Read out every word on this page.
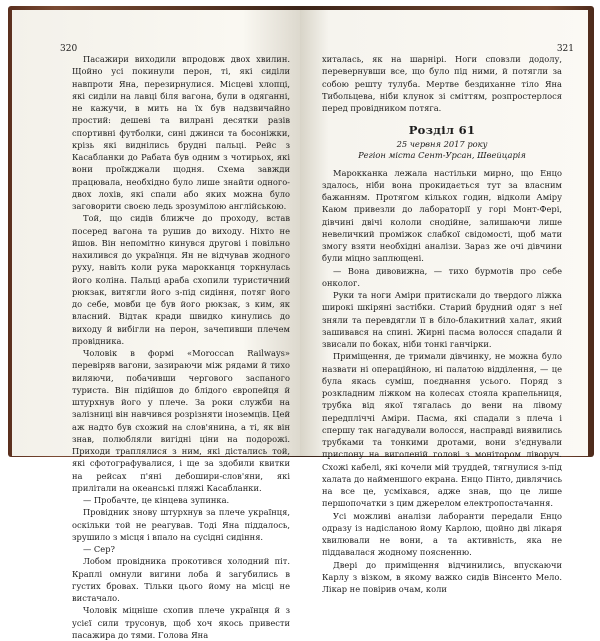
320

Пасажири виходили впродовж двох хвилин. Щойно усі покинули перон, ті, які сиділи навпроти Яна, перезирнулися. Місцеві хлопці, які сиділи на лавці біля вагона, були в одяганні, не кажучи, в мить на їх був надзвичайно простий: дешеві та вилрані десятки разів спортивні футболки, сині джинси та босоніжки, крізь які виднілись брудні пальці. Рейс з Касабланки до Рабата був одним з чотирьох, які вони проїжджали щодня. Схема завжди працювала, необхідно було лише знайти одного-двох лохів, які спали або яких можна було заговорити своєю ледь зрозумілою англійською.

Той, що сидів ближче до проходу, встав посеред вагона та рушив до виходу. Ніхто не йшов. Він непомітно кинувся другові і повільно нахилився до українця. Ян не відчував жодного руху, навіть коли рука марокканця торкнулась його коліна. Пальці араба схопили туристичний рюкзак, витягли його з-під сидіння, потяг його до себе, мовби це був його рюкзак, з ким, як власний. Відтак кради швидко кинулись до виходу й вибігли на перон, зачепивши плечем провідника.

Чоловік в формі «Moroccan Railways» перевіряв вагони, зазираючи між рядами й тихо виляючи, побачивши чергового заспаного туриста. Він підійшов до блідого європейця й штурхнув його у плече. За роки служби на залізниці він навчився розрізняти іноземців. Цей аж надто був схожий на слов'янина, а ті, як він знав, полюбляли вигідні ціни на подорожі. Приходи траплялися з ним, які дістались той, які сфотографувалися, і ще за здобили квитки на рейсах п'яні дебошири-слов'яни, які прилітали на океанські пляжі Касабланки.

— Пробачте, це кінцева зупинка.

Провідник знову штурхнув за плече українця, оскільки той не реагував. Тоді Яна піддалось, зрушило з місця і впало на сусідні сидіння.

— Сер?

Лобом провідника прокотився холодний піт. Краплі омнули вигини лоба й загубились в густих бровах. Тільки цього йому на місці не вистачало.

Чоловік міцніше схопив плече українця й з усієї сили трусонув, щоб хоч якось привести пасажира до тями. Голова Яна

321

хиталась, як на шарнірі. Ноги сповзли додолу, перевернувши все, що було під ними, й потягли за собою решту тулуба. Мертве бездиханне тіло Яна Тибольцева, ніби клунок зі сміттям, розпростерлося перед провідником потяга.

Розділ 61
25 червня 2017 року
Регіон міста Сент-Урсан, Швейцарія

Марокканка лежала настільки мирно, що Енцо здалось, ніби вона прокидається тут за власним бажанням. Протягом кількох годин, відколи Аміру Каюм привезли до лабораторії у горі Монт-Фері, дівчині двічі кололи снодійне, залишаючи лише невеличкий проміжок слабкої свідомості, щоб мати змогу взяти необхідні аналізи. Зараз же очі дівчини були міцно заплющені.

— Вона дивовижна, — тихо бурмотів про себе онколог.

Руки та ноги Аміри притискали до твердого ліжка широкі шкіряні застібки. Старий брудний одяг з неї зняли та перевдягли її в біло-блакитний халат, який зашивався на спині. Жирні пасма волосся спадали й звисали по боках, ніби тонкі ганчірки.

Приміщення, де тримали дівчинку, не можна було назвати ні операційною, ні палатою відділення, — це була якась суміш, поєднання усього. Поряд з розкладним ліжком на колесах стояла крапельниця, трубка від якої тягалась до вени на лівому передпліччі Аміри. Пасма, які спадали з плеча і спершу так нагадували волосся, насправді виявились трубками та тонкими дротами, вони з'єднували прислону на виголеній голові з монітором ліворуч. Схожі кабелі, які кочели мій труддей, тягнулися з-під халата до найменшого екрана. Енцо Пінто, дивлячись на все це, усміхався, адже знав, що це лише першопочатки з цим джерелом електропостачання.

Усі можливі аналізи лаборанти передали Енцо одразу із надісланою йому Карлою, щойно дві лікаря хвилювали не вони, а та активність, яка не піддавалася жодному поясненню.

Двері до приміщення відчинились, впускаючи Карлу з візком, в якому важко сидів Вінсенто Мело. Лікар не повірив очам, коли
